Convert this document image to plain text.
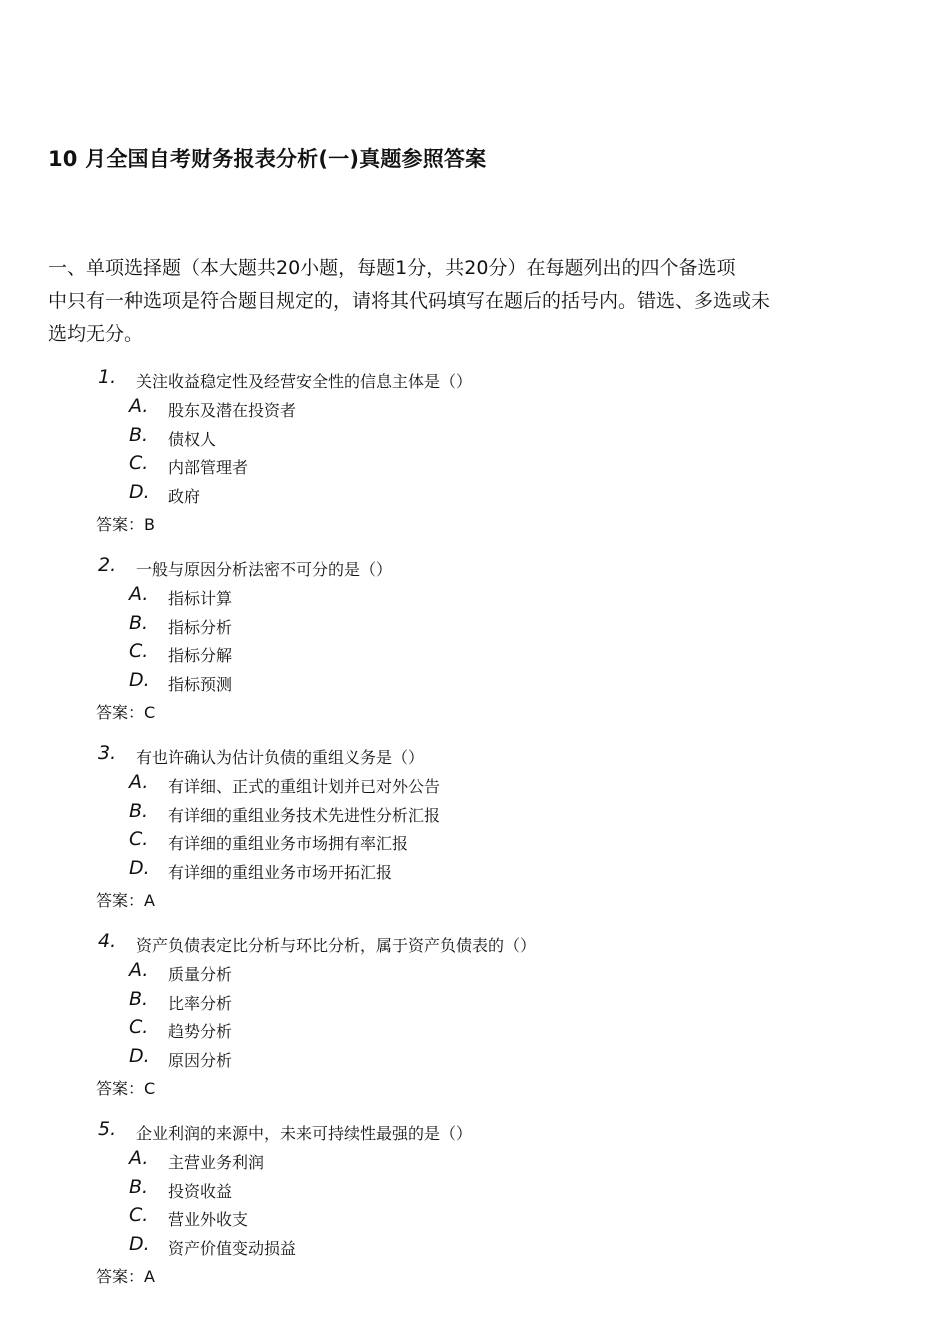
10 月全国自考财务报表分析(一)真题参照答案
一、单项选择题（本大题共20小题，每题1分，共20分）在每题列出的四个备选项
中只有一种选项是符合题目规定的，请将其代码填写在题后的括号内。错选、多选或未
选均无分。
1. 关注收益稳定性及经营安全性的信息主体是（）
A. 股东及潜在投资者
B. 债权人
C. 内部管理者
D. 政府
答案：B
2. 一般与原因分析法密不可分的是（）
A. 指标计算
B. 指标分析
C. 指标分解
D. 指标预测
答案：C
3. 有也许确认为估计负债的重组义务是（）
A. 有详细、正式的重组计划并已对外公告
B. 有详细的重组业务技术先进性分析汇报
C. 有详细的重组业务市场拥有率汇报
D. 有详细的重组业务市场开拓汇报
答案：A
4. 资产负债表定比分析与环比分析，属于资产负债表的（）
A. 质量分析
B. 比率分析
C. 趋势分析
D. 原因分析
答案：C
5. 企业利润的来源中，未来可持续性最强的是（）
A. 主营业务利润
B. 投资收益
C. 营业外收支
D. 资产价值变动损益
答案：A
